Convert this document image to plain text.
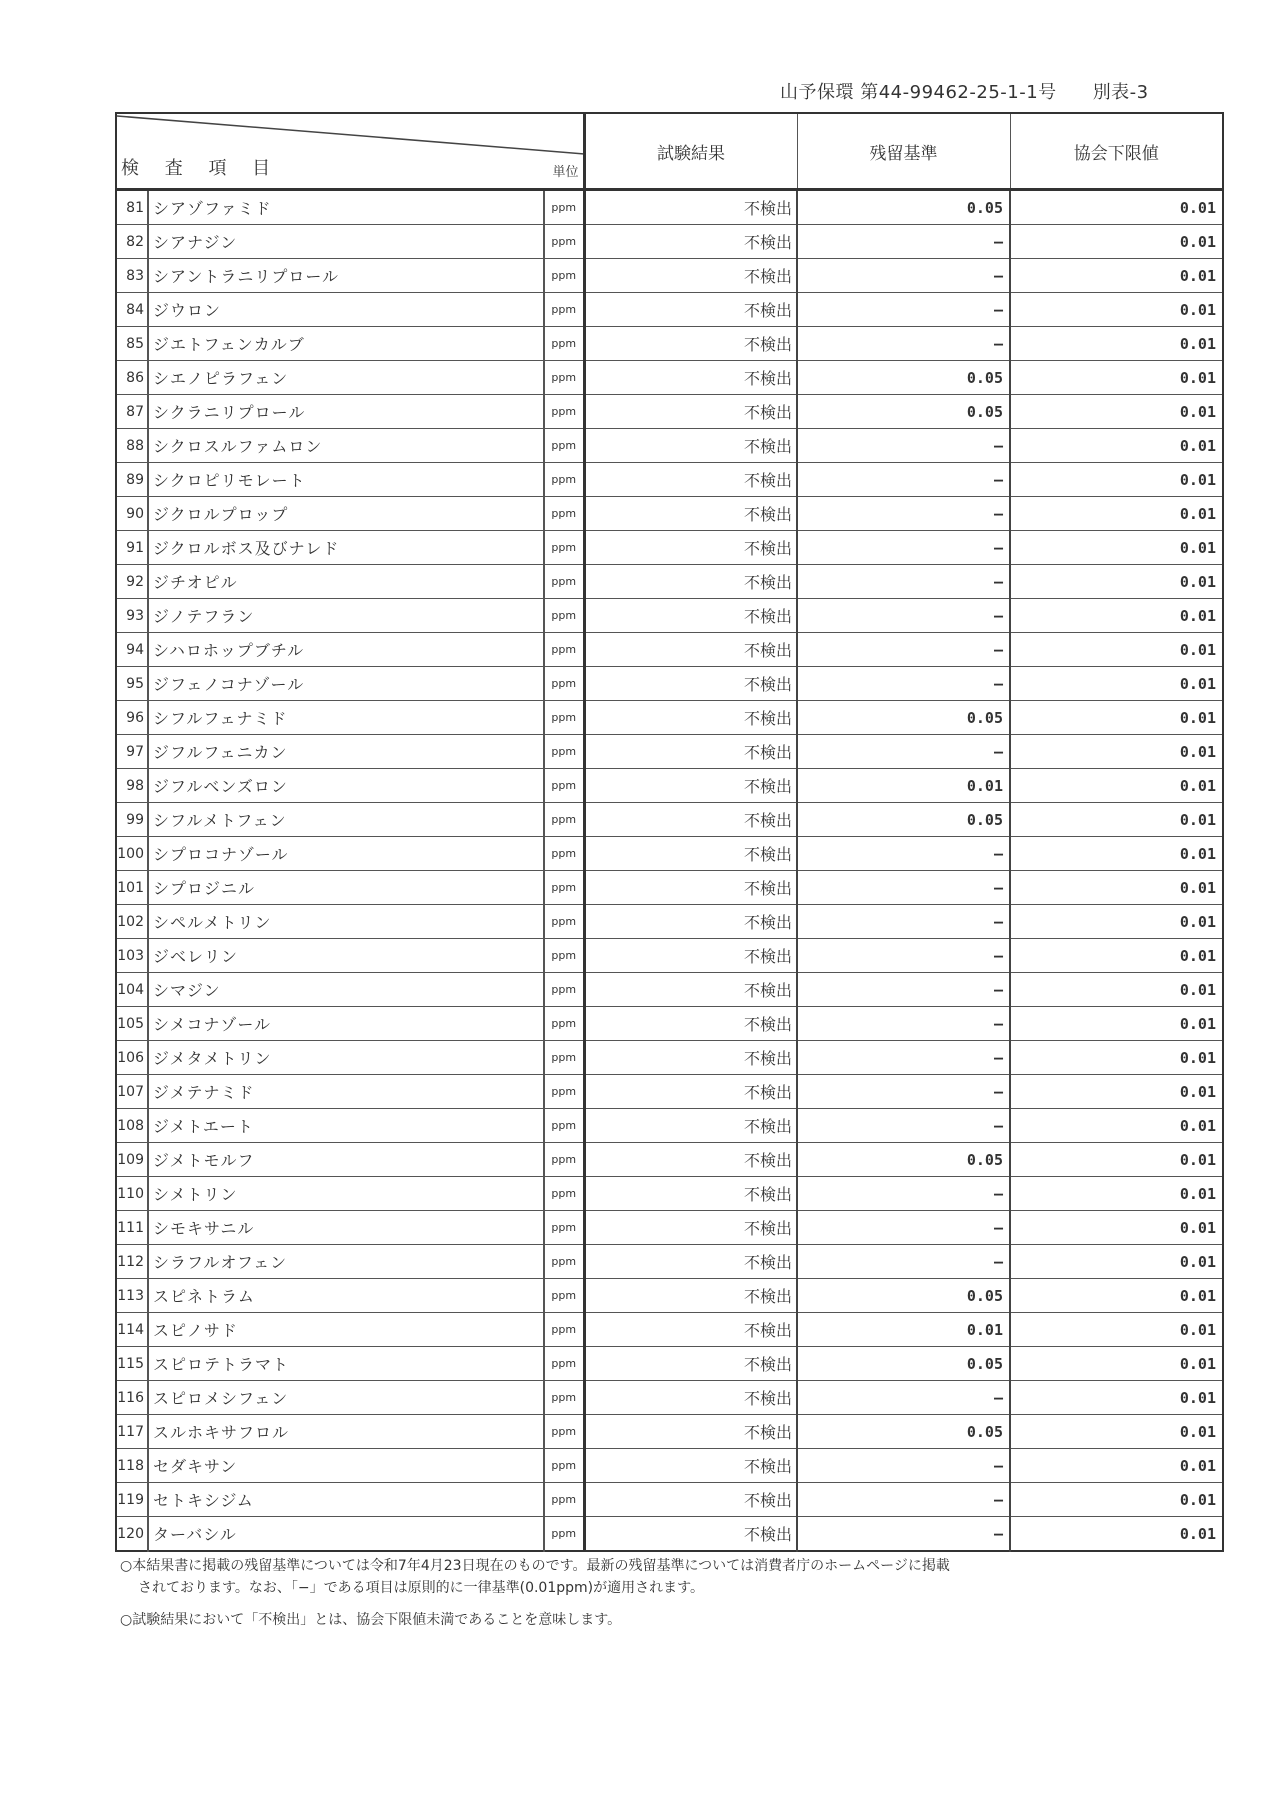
山予保環 第44-99462-25-1-1号 別表-3
検 査 項 目 単位			試験結果	残留基準	協会下限値
81	シアゾファミド	ppm	不検出	0.05	0.01
82	シアナジン	ppm	不検出	—	0.01
83	シアントラニリプロール	ppm	不検出	—	0.01
84	ジウロン	ppm	不検出	—	0.01
85	ジエトフェンカルブ	ppm	不検出	—	0.01
86	シエノピラフェン	ppm	不検出	0.05	0.01
87	シクラニリプロール	ppm	不検出	0.05	0.01
88	シクロスルファムロン	ppm	不検出	—	0.01
89	シクロピリモレート	ppm	不検出	—	0.01
90	ジクロルプロップ	ppm	不検出	—	0.01
91	ジクロルボス及びナレド	ppm	不検出	—	0.01
92	ジチオピル	ppm	不検出	—	0.01
93	ジノテフラン	ppm	不検出	—	0.01
94	シハロホップブチル	ppm	不検出	—	0.01
95	ジフェノコナゾール	ppm	不検出	—	0.01
96	シフルフェナミド	ppm	不検出	0.05	0.01
97	ジフルフェニカン	ppm	不検出	—	0.01
98	ジフルベンズロン	ppm	不検出	0.01	0.01
99	シフルメトフェン	ppm	不検出	0.05	0.01
100	シプロコナゾール	ppm	不検出	—	0.01
101	シプロジニル	ppm	不検出	—	0.01
102	シペルメトリン	ppm	不検出	—	0.01
103	ジベレリン	ppm	不検出	—	0.01
104	シマジン	ppm	不検出	—	0.01
105	シメコナゾール	ppm	不検出	—	0.01
106	ジメタメトリン	ppm	不検出	—	0.01
107	ジメテナミド	ppm	不検出	—	0.01
108	ジメトエート	ppm	不検出	—	0.01
109	ジメトモルフ	ppm	不検出	0.05	0.01
110	シメトリン	ppm	不検出	—	0.01
111	シモキサニル	ppm	不検出	—	0.01
112	シラフルオフェン	ppm	不検出	—	0.01
113	スピネトラム	ppm	不検出	0.05	0.01
114	スピノサド	ppm	不検出	0.01	0.01
115	スピロテトラマト	ppm	不検出	0.05	0.01
116	スピロメシフェン	ppm	不検出	—	0.01
117	スルホキサフロル	ppm	不検出	0.05	0.01
118	セダキサン	ppm	不検出	—	0.01
119	セトキシジム	ppm	不検出	—	0.01
120	ターバシル	ppm	不検出	—	0.01

○本結果書に掲載の残留基準については令和7年4月23日現在のものです。最新の残留基準については消費者庁のホームページに掲載
されております。なお、「−」である項目は原則的に一律基準(0.01ppm)が適用されます。

○試験結果において「不検出」とは、協会下限値未満であることを意味します。
